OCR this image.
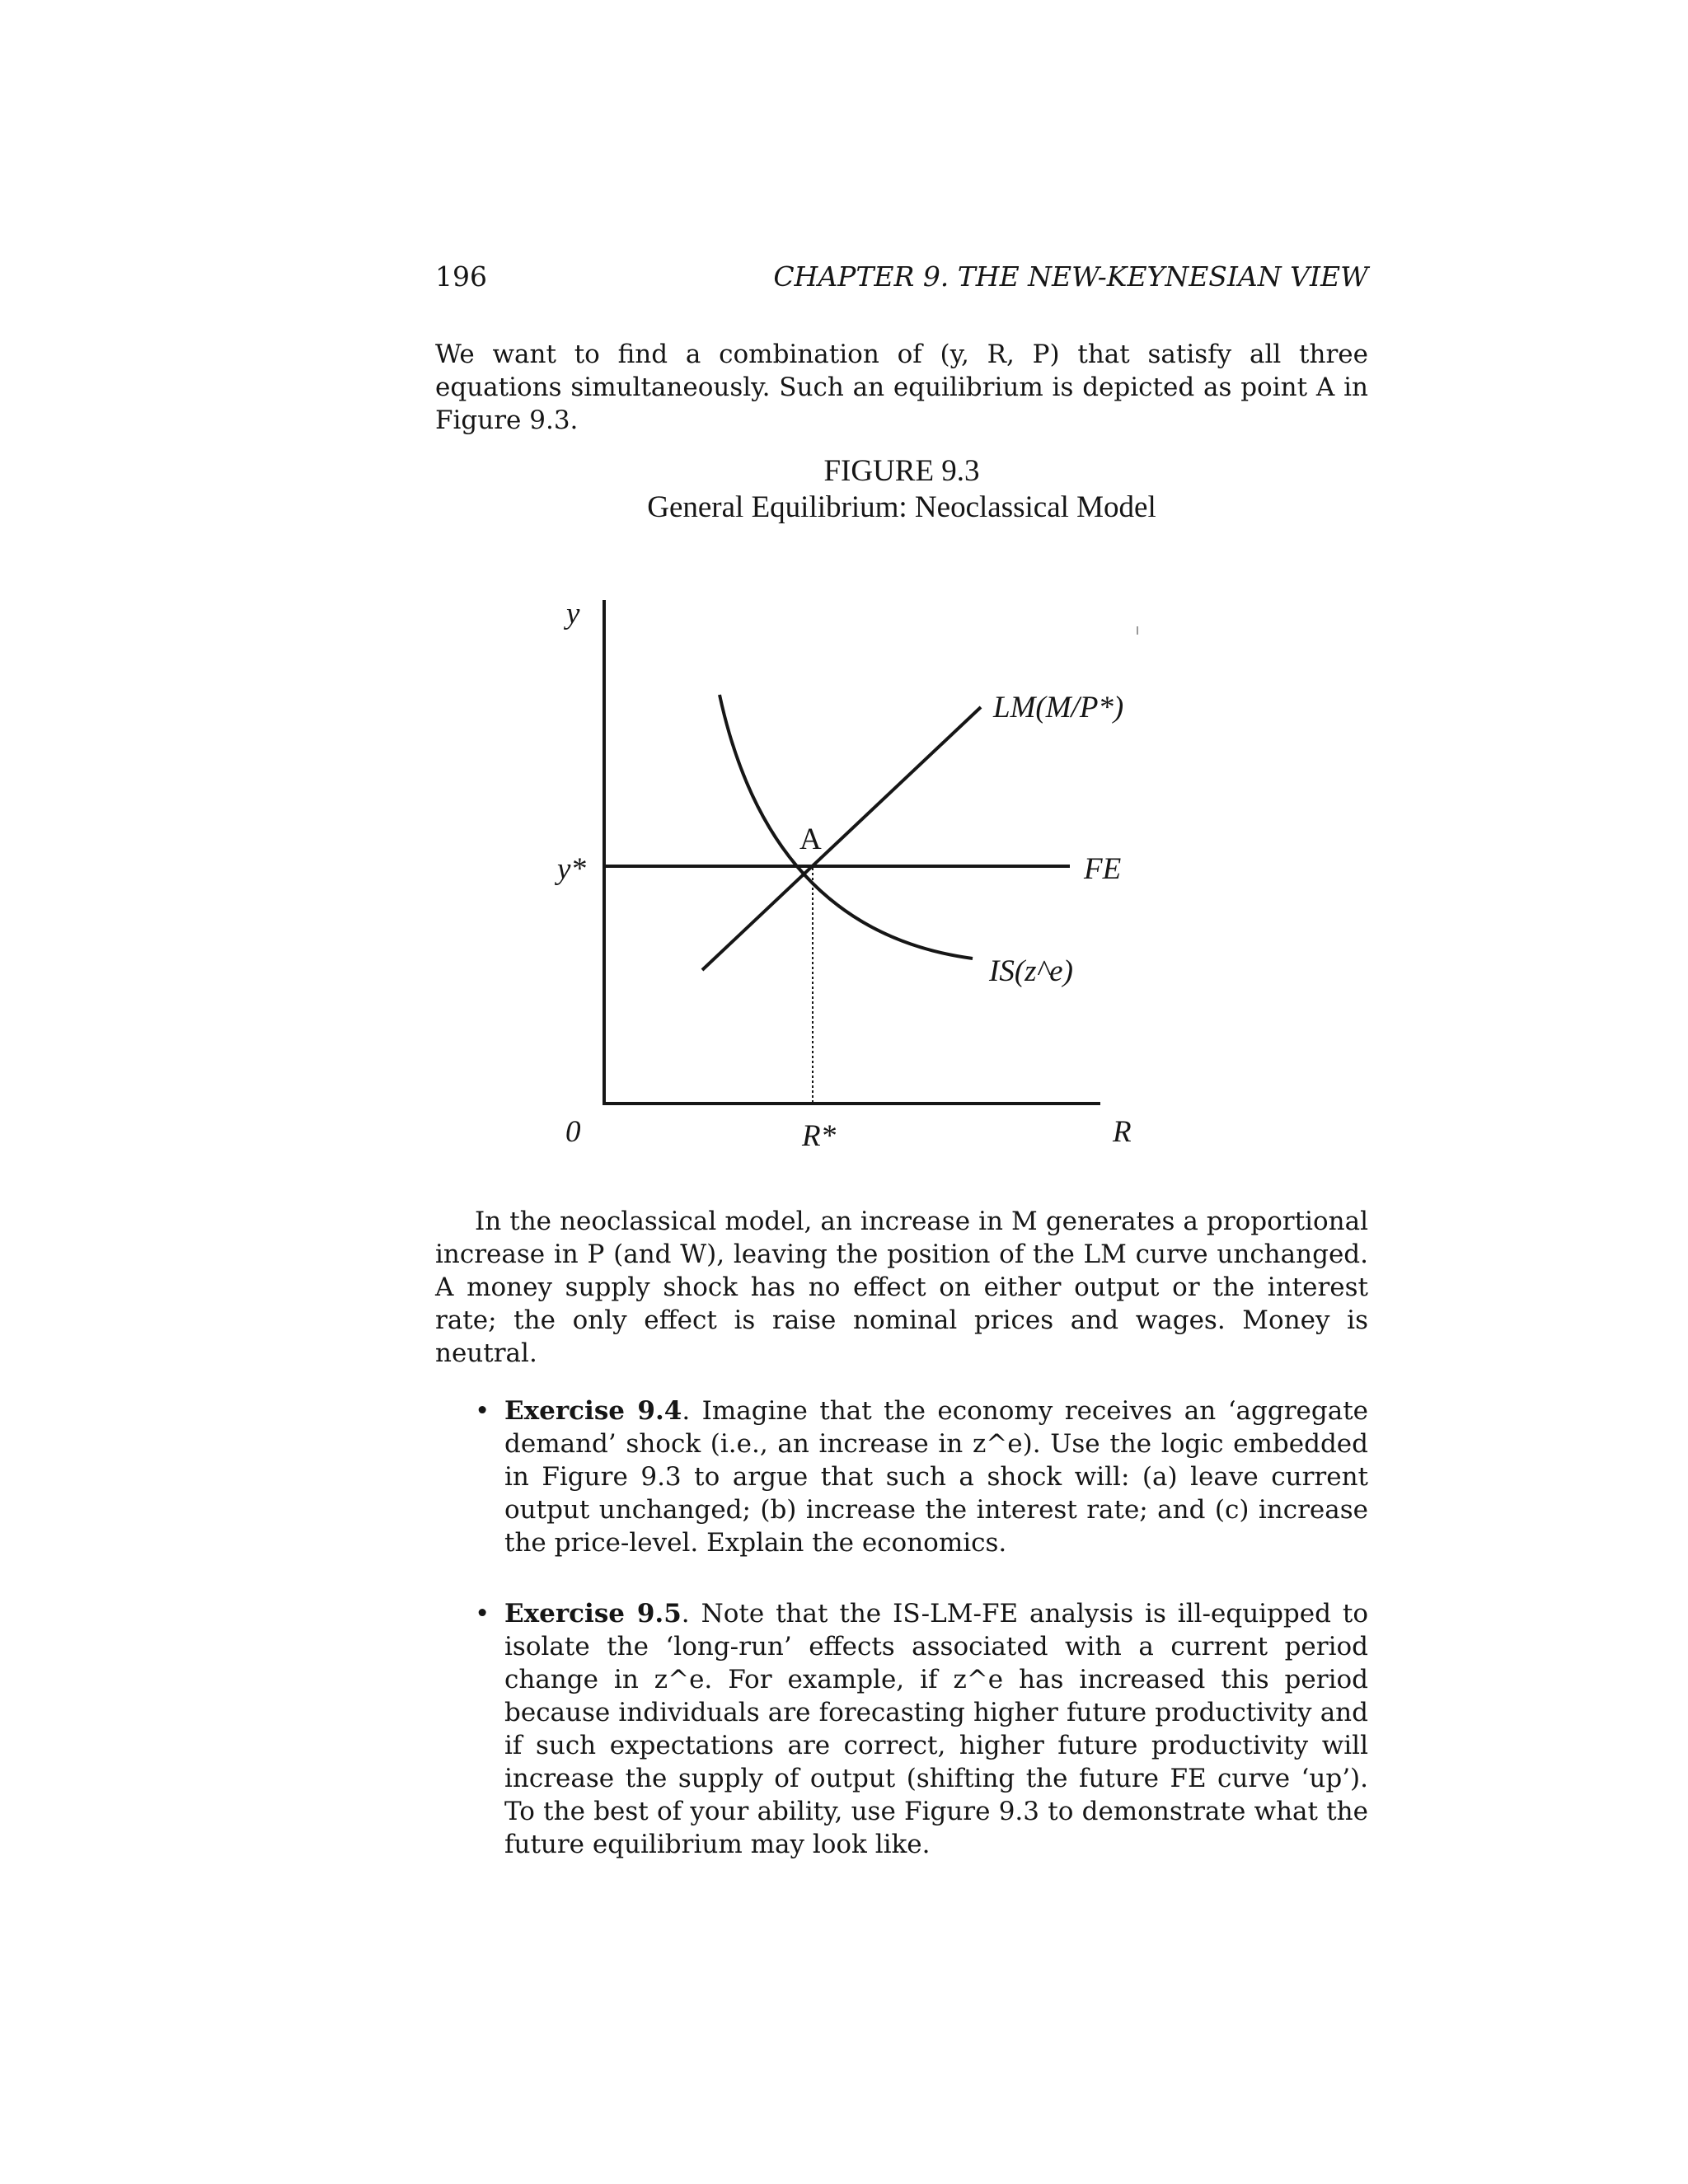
196	CHAPTER 9. THE NEW-KEYNESIAN VIEW

We want to find a combination of (y, R, P) that satisfy all three equations simultaneously. Such an equilibrium is depicted as point A in Figure 9.3.

FIGURE 9.3
General Equilibrium: Neoclassical Model
y
y*
0	R*	R
A
LM(M/P*)
FE
IS(z^e)

In the neoclassical model, an increase in M generates a proportional increase in P (and W), leaving the position of the LM curve unchanged. A money supply shock has no effect on either output or the interest rate; the only effect is raise nominal prices and wages. Money is neutral.

• Exercise 9.4. Imagine that the economy receives an ‘aggregate demand’ shock (i.e., an increase in z^e). Use the logic embedded in Figure 9.3 to argue that such a shock will: (a) leave current output unchanged; (b) increase the interest rate; and (c) increase the price-level. Explain the economics.
• Exercise 9.5. Note that the IS-LM-FE analysis is ill-equipped to isolate the ‘long-run’ effects associated with a current period change in z^e. For example, if z^e has increased this period because individuals are forecasting higher future productivity and if such expectations are correct, higher future productivity will increase the supply of output (shifting the future FE curve ‘up’). To the best of your ability, use Figure 9.3 to demonstrate what the future equilibrium may look like.
